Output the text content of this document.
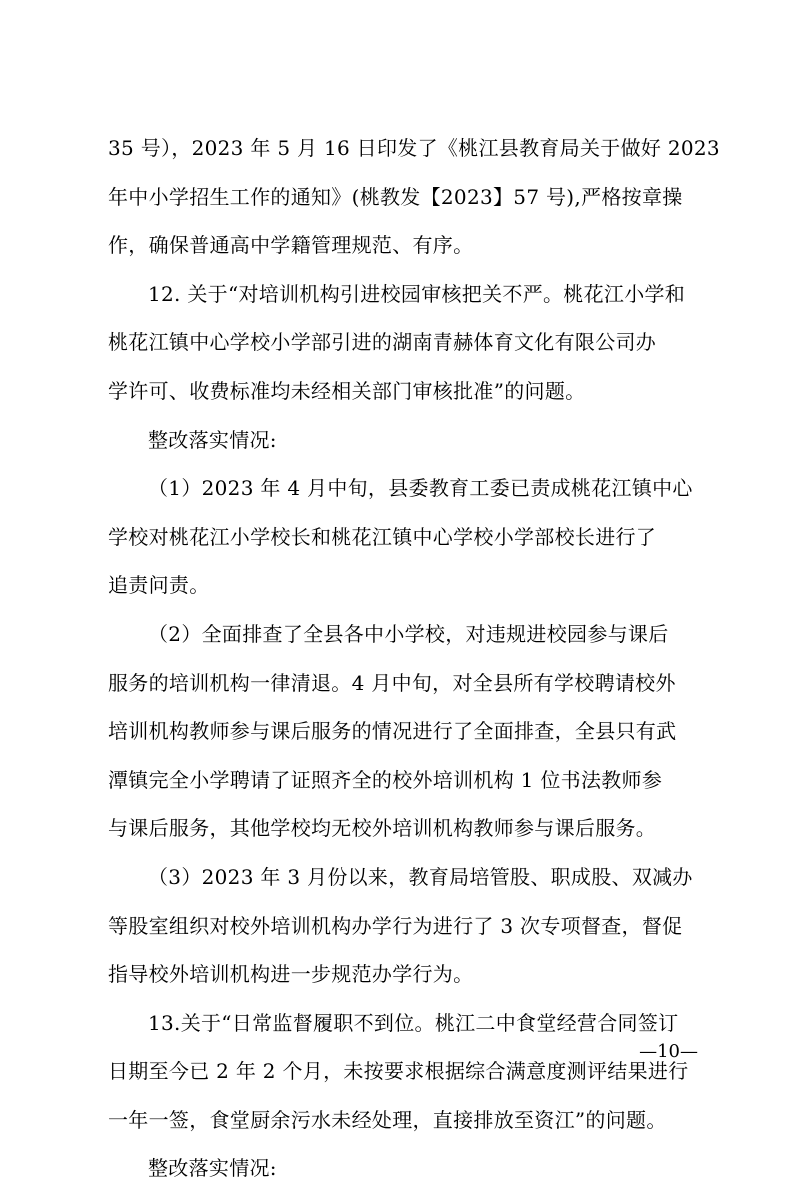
35 号），2023 年 5 月 16 日印发了《桃江县教育局关于做好 2023
年中小学招生工作的通知》(桃教发【2023】57 号),严格按章操
作，确保普通高中学籍管理规范、有序。
12. 关于“对培训机构引进校园审核把关不严。桃花江小学和
桃花江镇中心学校小学部引进的湖南青赫体育文化有限公司办
学许可、收费标准均未经相关部门审核批准”的问题。
整改落实情况:
（1）2023 年 4 月中旬，县委教育工委已责成桃花江镇中心
学校对桃花江小学校长和桃花江镇中心学校小学部校长进行了
追责问责。
（2）全面排查了全县各中小学校，对违规进校园参与课后
服务的培训机构一律清退。4 月中旬，对全县所有学校聘请校外
培训机构教师参与课后服务的情况进行了全面排查，全县只有武
潭镇完全小学聘请了证照齐全的校外培训机构 1 位书法教师参
与课后服务，其他学校均无校外培训机构教师参与课后服务。
（3）2023 年 3 月份以来，教育局培管股、职成股、双减办
等股室组织对校外培训机构办学行为进行了 3 次专项督查，督促
指导校外培训机构进一步规范办学行为。
13.关于“日常监督履职不到位。桃江二中食堂经营合同签订
日期至今已 2 年 2 个月，未按要求根据综合满意度测评结果进行
一年一签，食堂厨余污水未经处理，直接排放至资江”的问题。
整改落实情况:
—10—
